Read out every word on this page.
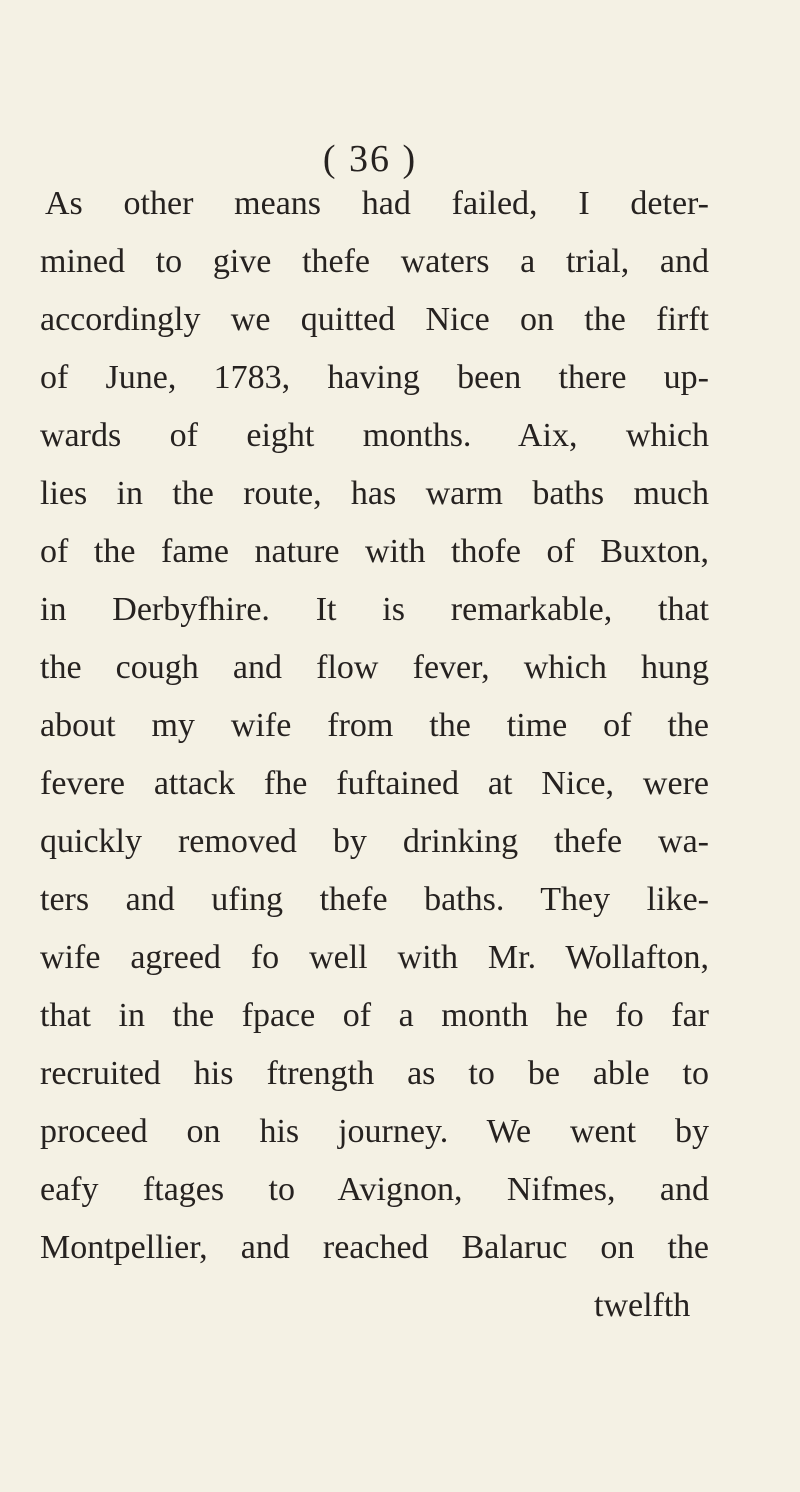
( 36 )
As other means had failed, I deter-
mined to give thefe waters a trial, and
accordingly we quitted Nice on the firft
of June, 1783, having been there up-
wards of eight months. Aix, which
lies in the route, has warm baths much
of the fame nature with thofe of Buxton,
in Derbyfhire. It is remarkable, that
the cough and flow fever, which hung
about my wife from the time of the
fevere attack fhe fuftained at Nice, were
quickly removed by drinking thefe wa-
ters and ufing thefe baths. They like-
wife agreed fo well with Mr. Wollafton,
that in the fpace of a month he fo far
recruited his ftrength as to be able to
proceed on his journey. We went by
eafy ftages to Avignon, Nifmes, and
Montpellier, and reached Balaruc on the
twelfth
